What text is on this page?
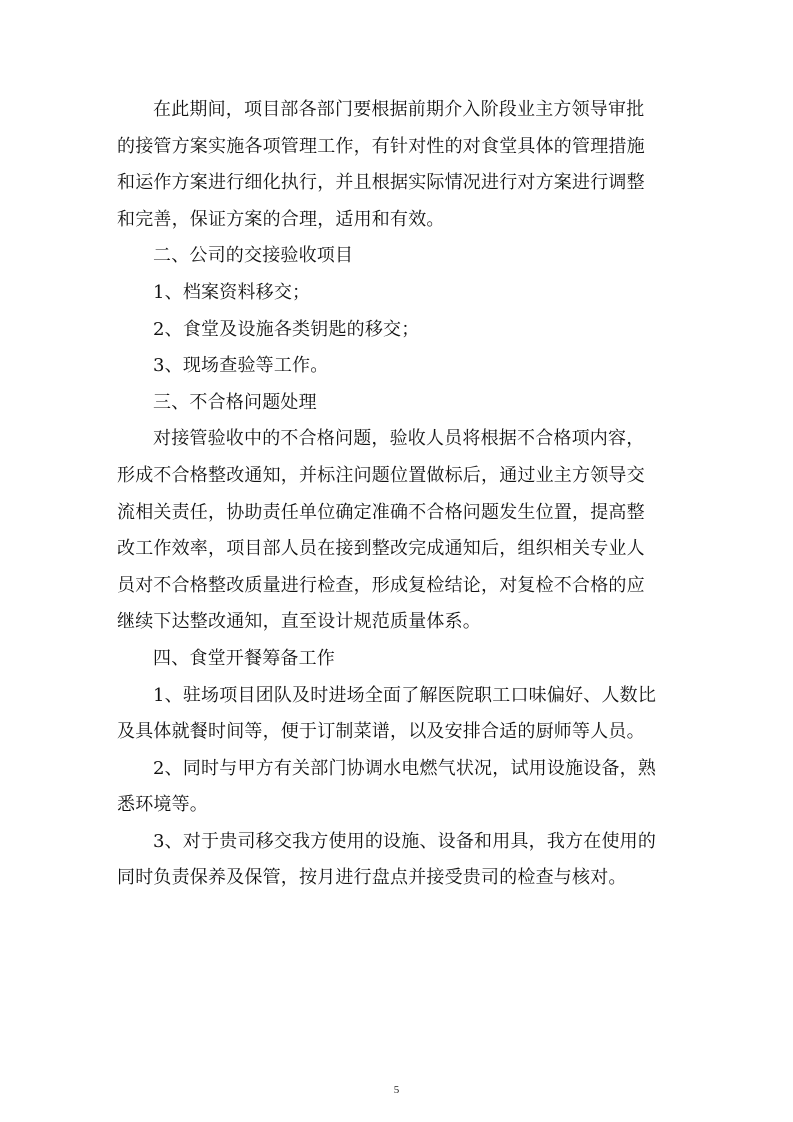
在此期间，项目部各部门要根据前期介入阶段业主方领导审批
的接管方案实施各项管理工作，有针对性的对食堂具体的管理措施
和运作方案进行细化执行，并且根据实际情况进行对方案进行调整
和完善，保证方案的合理，适用和有效。
二、公司的交接验收项目
1、档案资料移交；
2、食堂及设施各类钥匙的移交；
3、现场查验等工作。
三、不合格问题处理
对接管验收中的不合格问题，验收人员将根据不合格项内容，
形成不合格整改通知，并标注问题位置做标后，通过业主方领导交
流相关责任，协助责任单位确定准确不合格问题发生位置，提高整
改工作效率，项目部人员在接到整改完成通知后，组织相关专业人
员对不合格整改质量进行检查，形成复检结论，对复检不合格的应
继续下达整改通知，直至设计规范质量体系。
四、食堂开餐筹备工作
1、驻场项目团队及时进场全面了解医院职工口味偏好、人数比
及具体就餐时间等，便于订制菜谱，以及安排合适的厨师等人员。
2、同时与甲方有关部门协调水电燃气状况，试用设施设备，熟
悉环境等。
3、对于贵司移交我方使用的设施、设备和用具，我方在使用的
同时负责保养及保管，按月进行盘点并接受贵司的检查与核对。
5
